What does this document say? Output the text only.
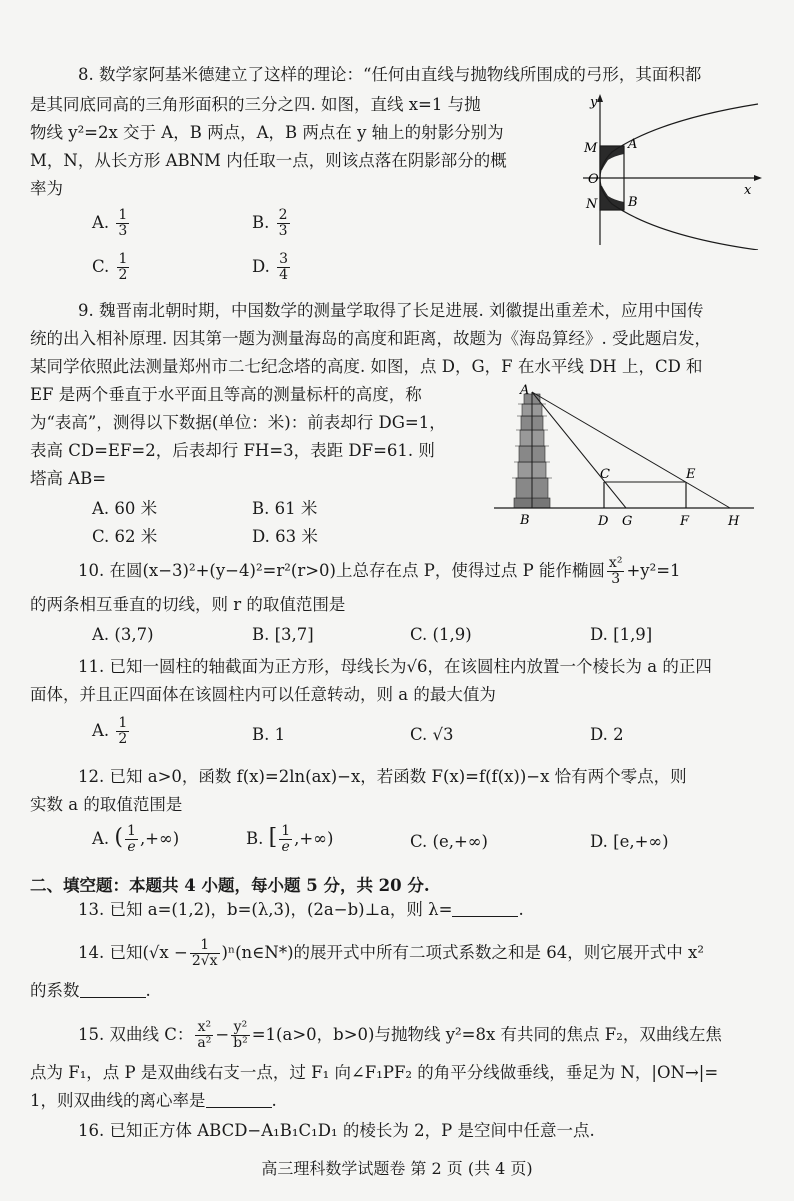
8. 数学家阿基米德建立了这样的理论：“任何由直线与抛物线所围成的弓形，其面积都
是其同底同高的三角形面积的三分之四. 如图，直线 x=1 与抛
物线 y²=2x 交于 A，B 两点，A，B 两点在 y 轴上的射影分别为
M，N，从长方形 ABNM 内任取一点，则该点落在阴影部分的概
率为
A. $\frac{1}{3}$	B. $\frac{2}{3}$
C. $\frac{1}{2}$	D. $\frac{3}{4}$
y
x
M A
O
N B
9. 魏晋南北朝时期，中国数学的测量学取得了长足进展. 刘徽提出重差术，应用中国传
统的出入相补原理. 因其第一题为测量海岛的高度和距离，故题为《海岛算经》. 受此题启发，
某同学依照此法测量郑州市二七纪念塔的高度. 如图，点 D，G，F 在水平线 DH 上，CD 和
EF 是两个垂直于水平面且等高的测量标杆的高度，称
为“表高”，测得以下数据(单位：米)：前表却行 DG=1，
表高 CD=EF=2，后表却行 FH=3，表距 DF=61. 则
塔高 AB=
A. 60 米	B. 61 米
C. 62 米	D. 63 米
A
B
C
D
E
F
G	H
10. 在圆(x−3)²+(y−4)²=r²(r>0)上总存在点 P，使得过点 P 能作椭圆 $\frac{\text{x²}}{3} +y^2=1$
的两条相互垂直的切线，则 r 的取值范围是
A. (3,7)	B. [3,7]	C. (1,9)	D. [1,9]
11. 已知一圆柱的轴截面为正方形，母线长为√6，在该圆柱内放置一个棱长为 a 的正四
面体，并且正四面体在该圆柱内可以任意转动，则 a 的最大值为
A. $\frac{1}{2}$	B. 1	C. √3	D. 2
12. 已知 a>0，函数 f(x)=2ln(ax)−x，若函数 F(x)=f(f(x))−x 恰有两个零点，则
实数 a 的取值范围是
A. ( $\frac{1}{e}$ ,+∞)	B. [ $\frac{1}{e}$ ,+∞)	C. (e,+∞)	D. [e,+∞)
二、填空题：本题共 4 小题，每小题 5 分，共 20 分.
13. 已知 a=(1,2)，b=(λ,3)，(2a−b)⊥a，则 λ=	.
14. 已知($√x - \frac{1}{2√x}$ )ⁿ(n∈N*)的展开式中所有二项式系数之和是 64，则它展开式中 x²
的系数	.
15. 双曲线 C： $\frac{\text{x²}}{\text{a²}} - \frac{\text{y²}}{\text{b²}} =1(a>0$，b>0)与抛物线 y²=8x 有共同的焦点 F₂，双曲线左焦
点为 F₁，点 P 是双曲线右支一点，过 F₁ 向∠F₁PF₂ 的角平分线做垂线，垂足为 N，|ON→|=
1，则双曲线的离心率是	.
16. 已知正方体 ABCD−A₁B₁C₁D₁ 的棱长为 2，P 是空间中任意一点.
高三理科数学试题卷 第 2 页 (共 4 页)
